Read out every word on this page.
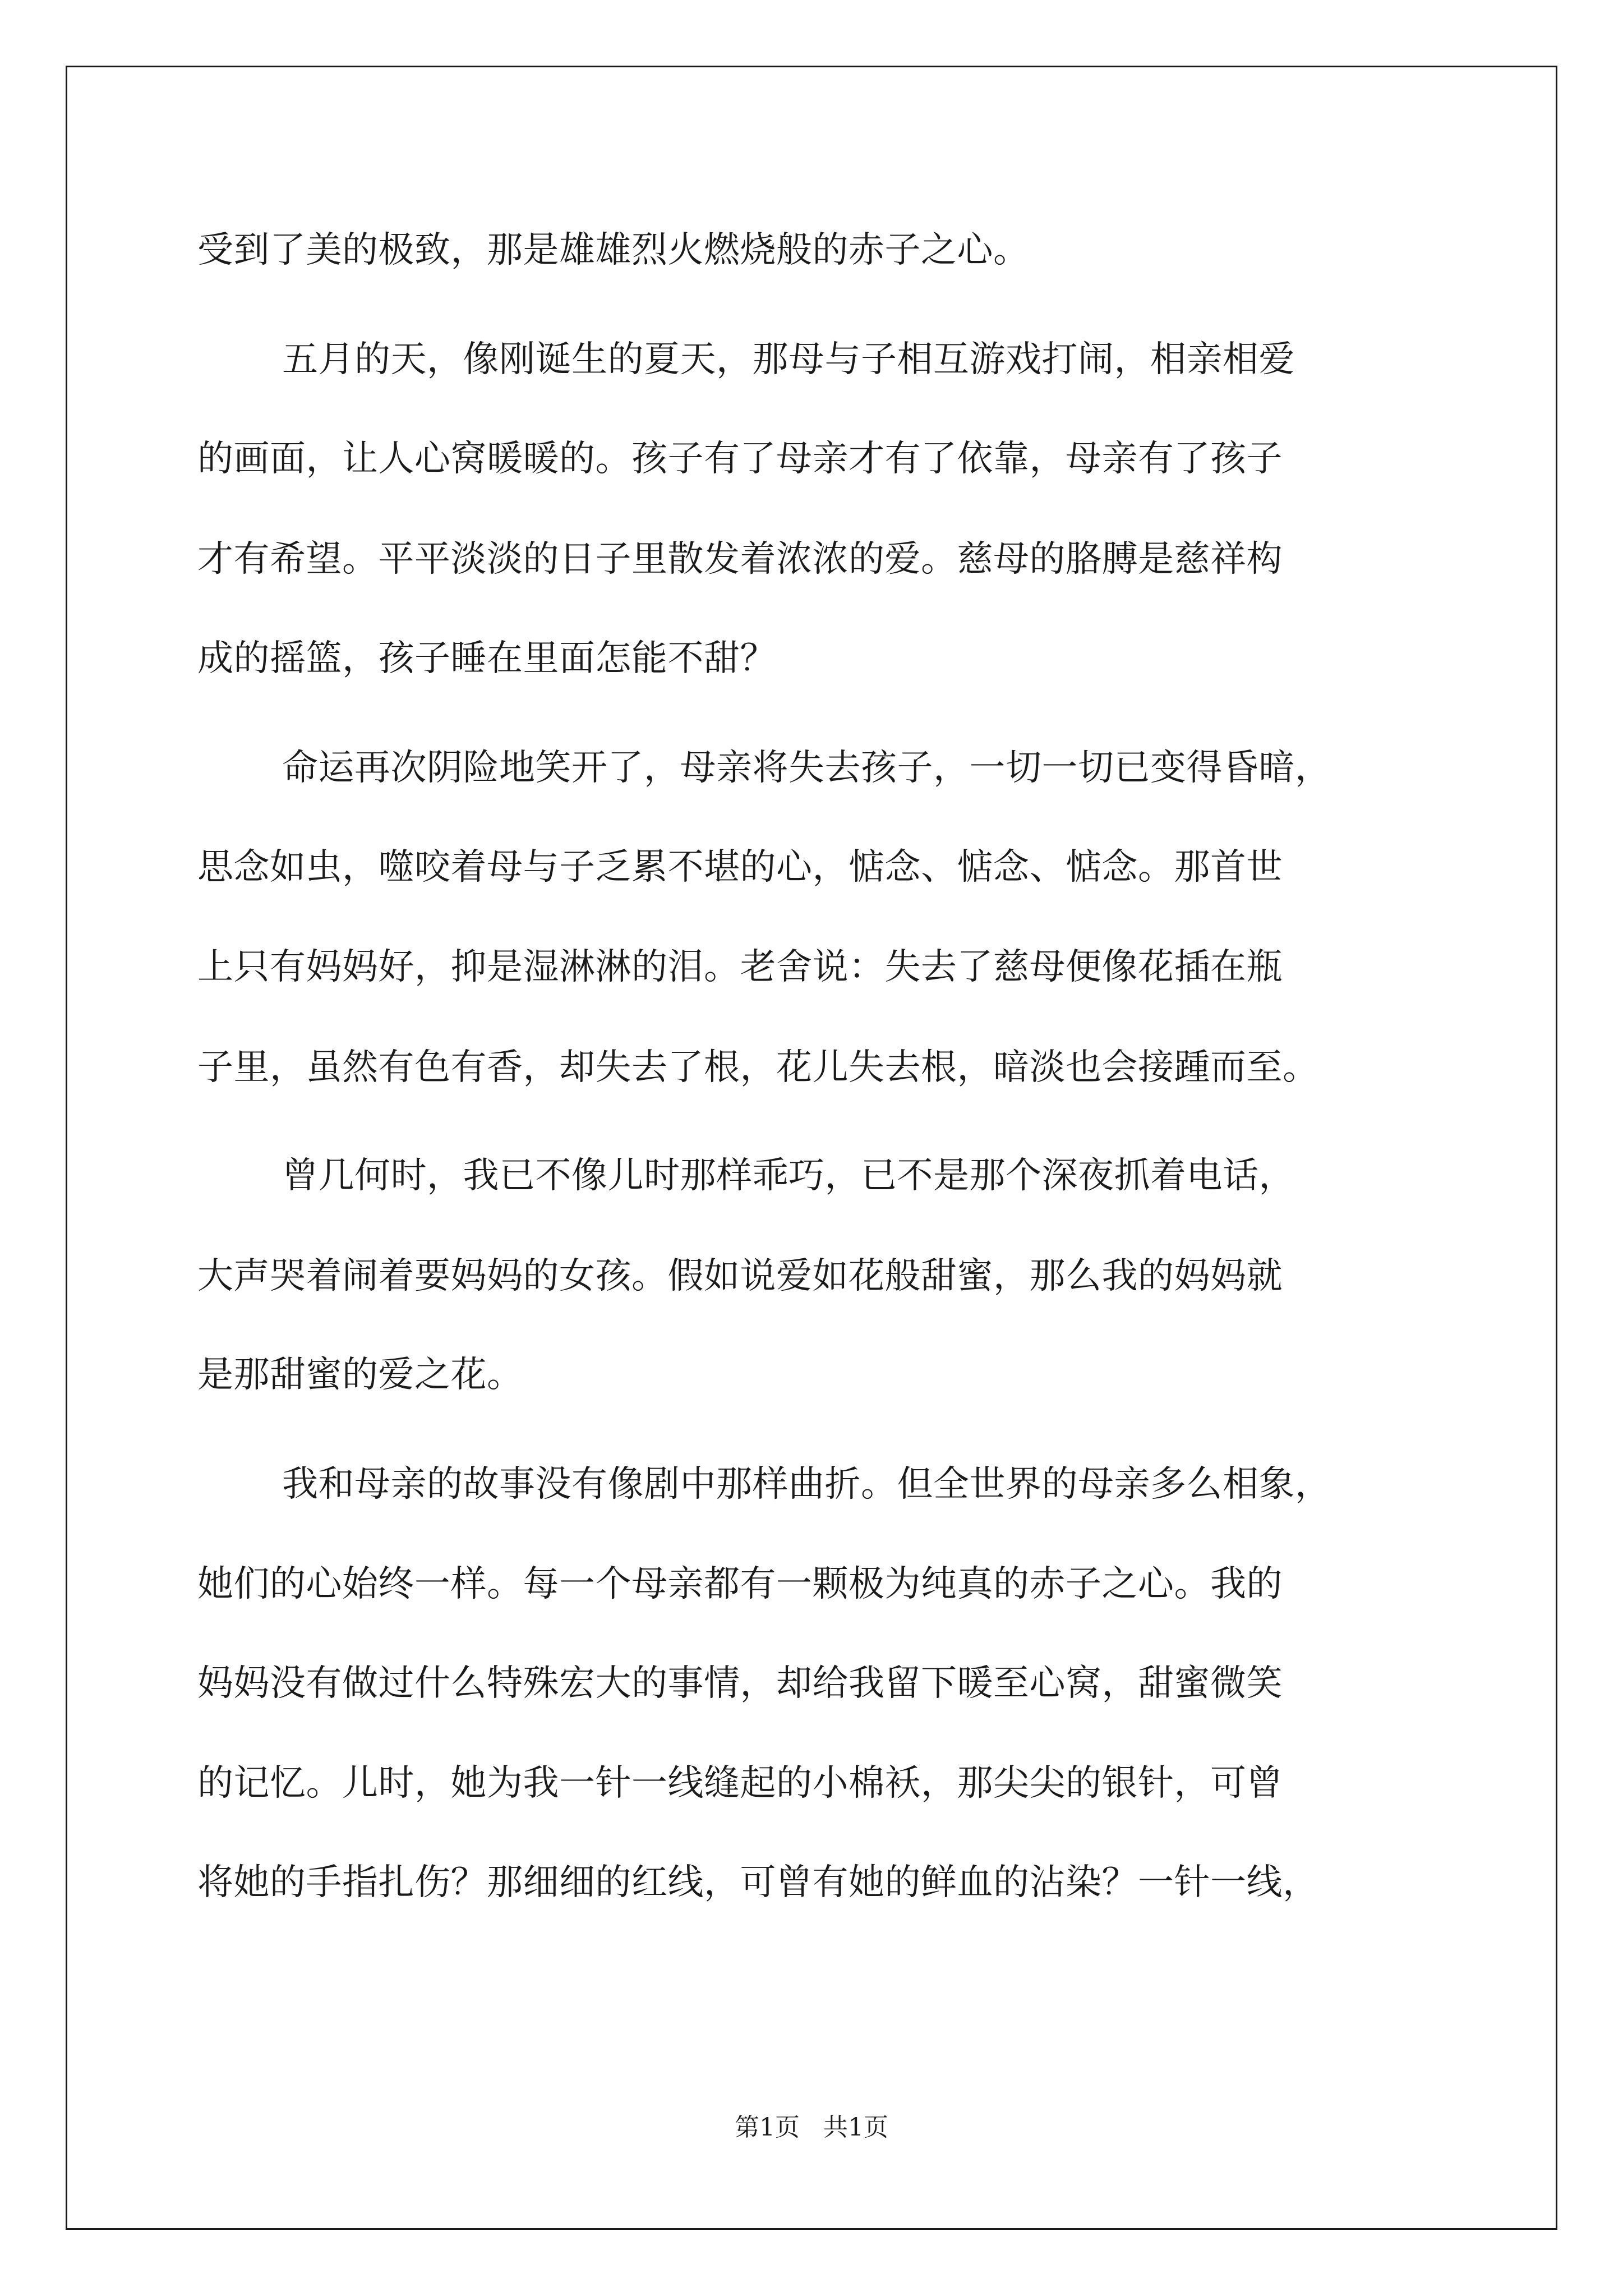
受到了美的极致，那是雄雄烈火燃烧般的赤子之心。
五月的天，像刚诞生的夏天，那母与子相互游戏打闹，相亲相爱
的画面，让人心窝暖暖的。孩子有了母亲才有了依靠，母亲有了孩子
才有希望。平平淡淡的日子里散发着浓浓的爱。慈母的胳膊是慈祥构
成的摇篮，孩子睡在里面怎能不甜？
命运再次阴险地笑开了，母亲将失去孩子，一切一切已变得昏暗，
思念如虫，噬咬着母与子乏累不堪的心，惦念、惦念、惦念。那首世
上只有妈妈好，抑是湿淋淋的泪。老舍说：失去了慈母便像花插在瓶
子里，虽然有色有香，却失去了根，花儿失去根，暗淡也会接踵而至。
曾几何时，我已不像儿时那样乖巧，已不是那个深夜抓着电话，
大声哭着闹着要妈妈的女孩。假如说爱如花般甜蜜，那么我的妈妈就
是那甜蜜的爱之花。
我和母亲的故事没有像剧中那样曲折。但全世界的母亲多么相象，
她们的心始终一样。每一个母亲都有一颗极为纯真的赤子之心。我的
妈妈没有做过什么特殊宏大的事情，却给我留下暖至心窝，甜蜜微笑
的记忆。儿时，她为我一针一线缝起的小棉袄，那尖尖的银针，可曾
将她的手指扎伤？那细细的红线，可曾有她的鲜血的沾染？一针一线，
第1页   共1页
